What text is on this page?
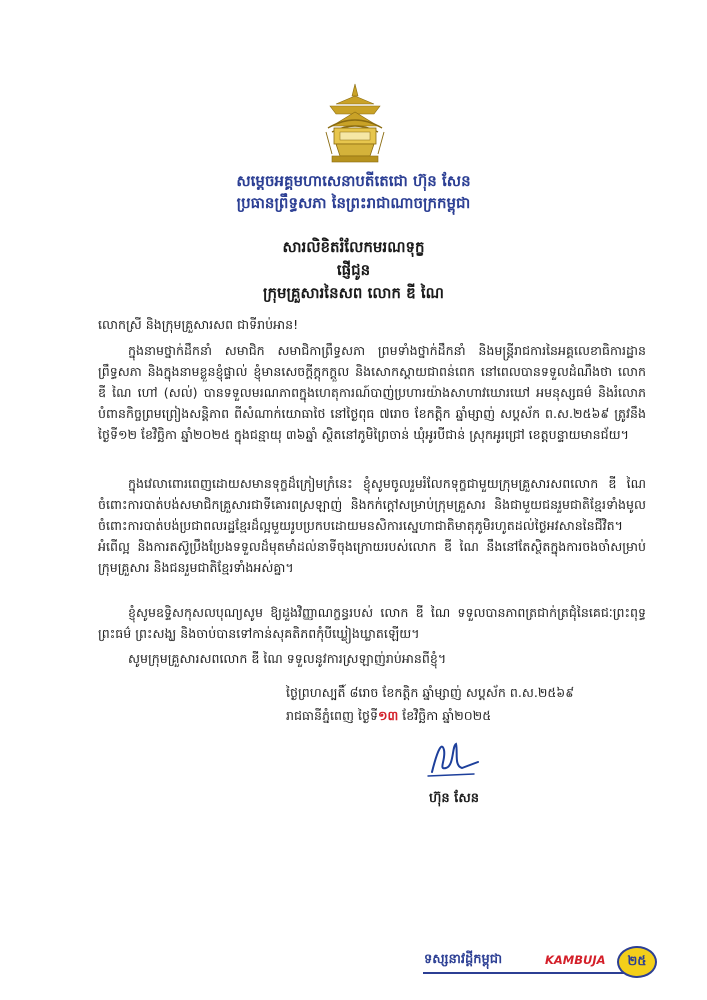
សម្តេចអគ្គមហាសេនាបតីតេជោ ហ៊ុន សែន
ប្រធានព្រឹទ្ធសភា នៃព្រះរាជាណាចក្រកម្ពុជា
សារលិខិតរំលែកមរណទុក្ខ
ផ្ញើជូន
ក្រុមគ្រួសារនៃសព លោក ឌី ណៃ
លោកស្រី និងក្រុមគ្រួសារសព ជាទីរាប់អាន!

ក្នុងនាមថ្នាក់ដឹកនាំ សមាជិក សមាជិកាព្រឹទ្ធសភា ព្រមទាំងថ្នាក់ដឹកនាំ និងមន្ត្រីរាជការនៃអគ្គលេខាធិការដ្ឋានព្រឹទ្ធសភា និងក្នុងនាមខ្លួនខ្ញុំផ្ទាល់ ខ្ញុំមានសេចក្តីក្តុកក្តួល និងសោកស្តាយជាពន់ពេក នៅពេលបានទទួលដំណឹងថា លោក ឌី ណៃ ហៅ (សល់) បានទទួលមរណភាពក្នុងហេតុការណ៍បាញ់ប្រហារយ៉ាងសាហាវឃោរឃៅ អមនុស្សធម៌ និងរំលោភបំពានកិច្ចព្រមព្រៀងសន្តិភាព ពីសំណាក់យោធាថៃ នៅថ្ងៃពុធ ៧រោច ខែកត្តិក ឆ្នាំម្សាញ់ សប្តស័ក ព.ស.២៥៦៩ ត្រូវនឹងថ្ងៃទី១២ ខែវិច្ឆិកា ឆ្នាំ២០២៥ ក្នុងជន្មាយុ ៣៦ឆ្នាំ ស្ថិតនៅភូមិព្រៃចាន់ ឃុំអូរបីជាន់ ស្រុកអូរជ្រៅ ខេត្តបន្ទាយមានជ័យ។

ក្នុងវេលាពោរពេញដោយសមានទុក្ខដ៏ក្រៀមក្រំនេះ ខ្ញុំសូមចូលរួមរំលែកទុក្ខជាមួយក្រុមគ្រួសារសពលោក ឌី ណៃ ចំពោះការបាត់បង់សមាជិកគ្រួសារជាទីគោរពស្រឡាញ់ និងកក់ក្តៅសម្រាប់ក្រុមគ្រួសារ និងជាមួយជនរួមជាតិខ្មែរទាំងមូល ចំពោះការបាត់បង់ប្រជាពលរដ្ឋខ្មែរដ៏ល្អមួយរូបប្រកបដោយមនសិការស្នេហាជាតិមាតុភូមិរហូតដល់ថ្ងៃអវសាននៃជីវិត។ អំពើល្អ និងការតស៊ូប្រឹងប្រែងទទួលដ៏មុតមាំដល់នាទីចុងក្រោយរបស់លោក ឌី ណៃ នឹងនៅតែស្ថិតក្នុងការចងចាំសម្រាប់ក្រុមគ្រួសារ និងជនរួមជាតិខ្មែរទាំងអស់គ្នា។

ខ្ញុំសូមឧទ្ទិសកុសលបុណ្យសូម ឱ្យដួងវិញ្ញាណក្ខន្ធរបស់ លោក ឌី ណៃ ទទួលបានភាពត្រជាក់ត្រជុំនៃគេជៈព្រះពុទ្ធ ព្រះធម៌ ព្រះសង្ឃ និងចាប់បានទៅកាន់សុគតិភពកុំបីឃ្លៀងឃ្លាតឡើយ។

សូមក្រុមគ្រួសារសពលោក ឌី ណៃ ទទួលនូវការស្រឡាញ់រាប់អានពីខ្ញុំ។

ថ្ងៃព្រហស្បតិ៍ ៨រោច ខែកត្តិក ឆ្នាំម្សាញ់ សប្តស័ក ព.ស.២៥៦៩
រាជធានីភ្នំពេញ ថ្ងៃទី១៣ ខែវិច្ឆិកា ឆ្នាំ២០២៥
ហ៊ុន សែន
ទស្សនាវដ្តីកម្ពុជា	KAMBUJA	២៥
